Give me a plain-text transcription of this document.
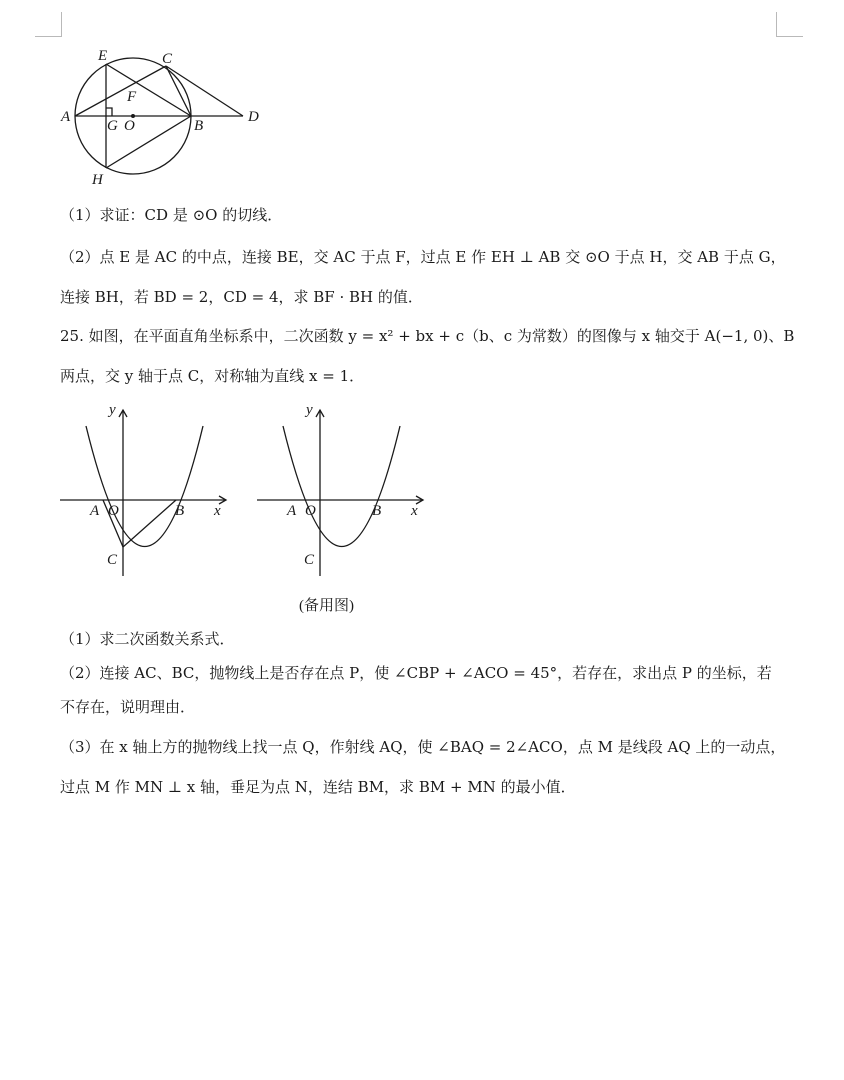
E	C
F
A
G O	B
D
H
（1）求证：CD 是 ⊙O 的切线．
（2）点 E 是 AC 的中点，连接 BE，交 AC 于点 F，过点 E 作 EH ⊥ AB 交 ⊙O 于点 H，交 AB 于点 G，
连接 BH，若 BD = 2，CD = 4，求 BF · BH 的值．
25. 如图，在平面直角坐标系中，二次函数 y = x² + bx + c（b、c 为常数）的图像与 x 轴交于 A(−1, 0)、B
两点，交 y 轴于点 C，对称轴为直线 x = 1．
y
A O	B x
C
y
A O	B x
C
(备用图)
（1）求二次函数关系式．
（2）连接 AC、BC，抛物线上是否存在点 P，使 ∠CBP + ∠ACO = 45°，若存在，求出点 P 的坐标，若
不存在，说明理由．
（3）在 x 轴上方的抛物线上找一点 Q，作射线 AQ，使 ∠BAQ = 2∠ACO，点 M 是线段 AQ 上的一动点，
过点 M 作 MN ⊥ x 轴，垂足为点 N，连结 BM，求 BM + MN 的最小值．
